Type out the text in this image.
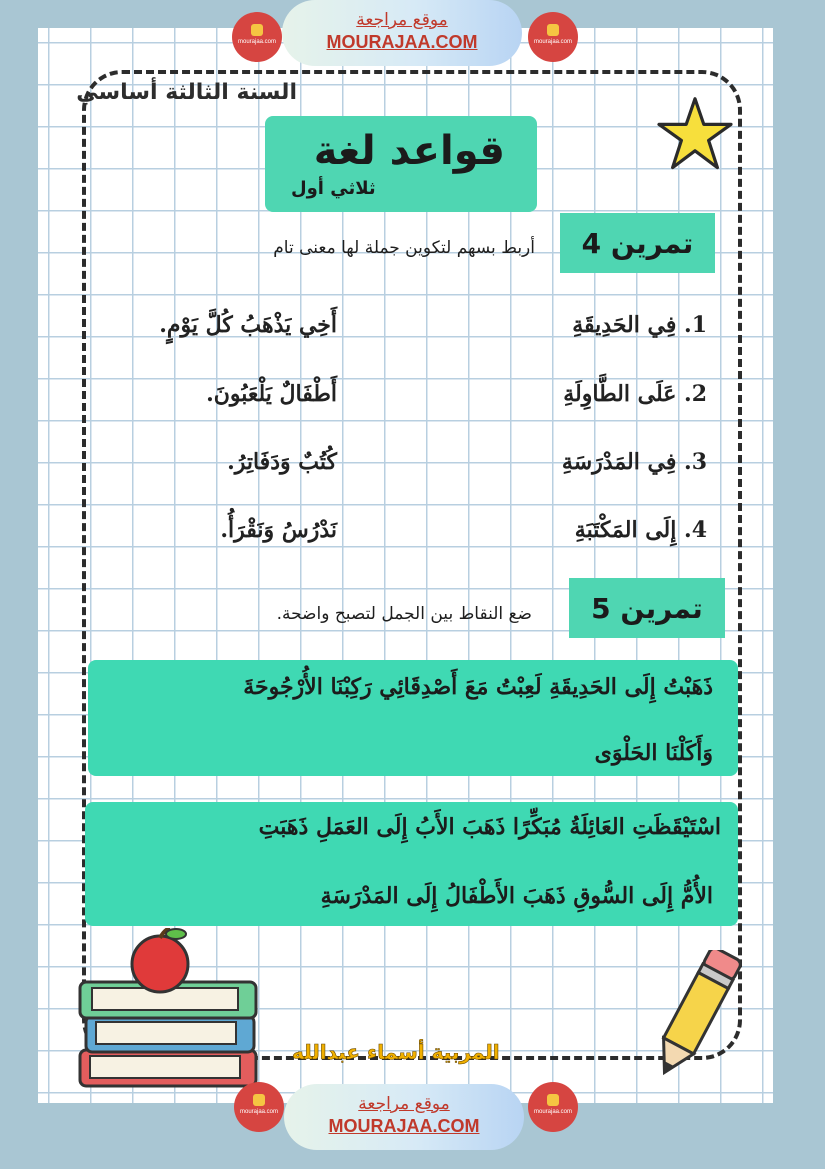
mourajaa.com
موقع مراجعة
MOURAJAA.COM	mourajaa.com
السنة الثالثة أساسي
قواعد لغة
ثلاثي أول
تمرين 4
أربط بسهم لتكوين جملة لها معنى تام
1. فِي الحَدِيقَةِ
أَخِي يَذْهَبُ كُلَّ يَوْمٍ.
2. عَلَى الطَّاوِلَةِ
أَطْفَالٌ يَلْعَبُونَ.
3. فِي المَدْرَسَةِ
كُتُبٌ وَدَفَاتِرُ.
4. إِلَى المَكْتَبَةِ
نَدْرُسُ وَنَقْرَأُ.
تمرين 5
ضع النقاط بين الجمل لتصبح واضحة.
ذَهَبْتُ إِلَى الحَدِيقَةِ لَعِبْتُ مَعَ أَصْدِقَائِي رَكِبْنَا الأُرْجُوحَةَ
وَأَكَلْنَا الحَلْوَى
اسْتَيْقَظَتِ العَائِلَةُ مُبَكِّرًا ذَهَبَ الأَبُ إِلَى العَمَلِ ذَهَبَتِ
الأُمُّ إِلَى السُّوقِ ذَهَبَ الأَطْفَالُ إِلَى المَدْرَسَةِ
المربية أسماء عبدالله
mourajaa.com	موقع مراجعة
MOURAJAA.COM
mourajaa.com
